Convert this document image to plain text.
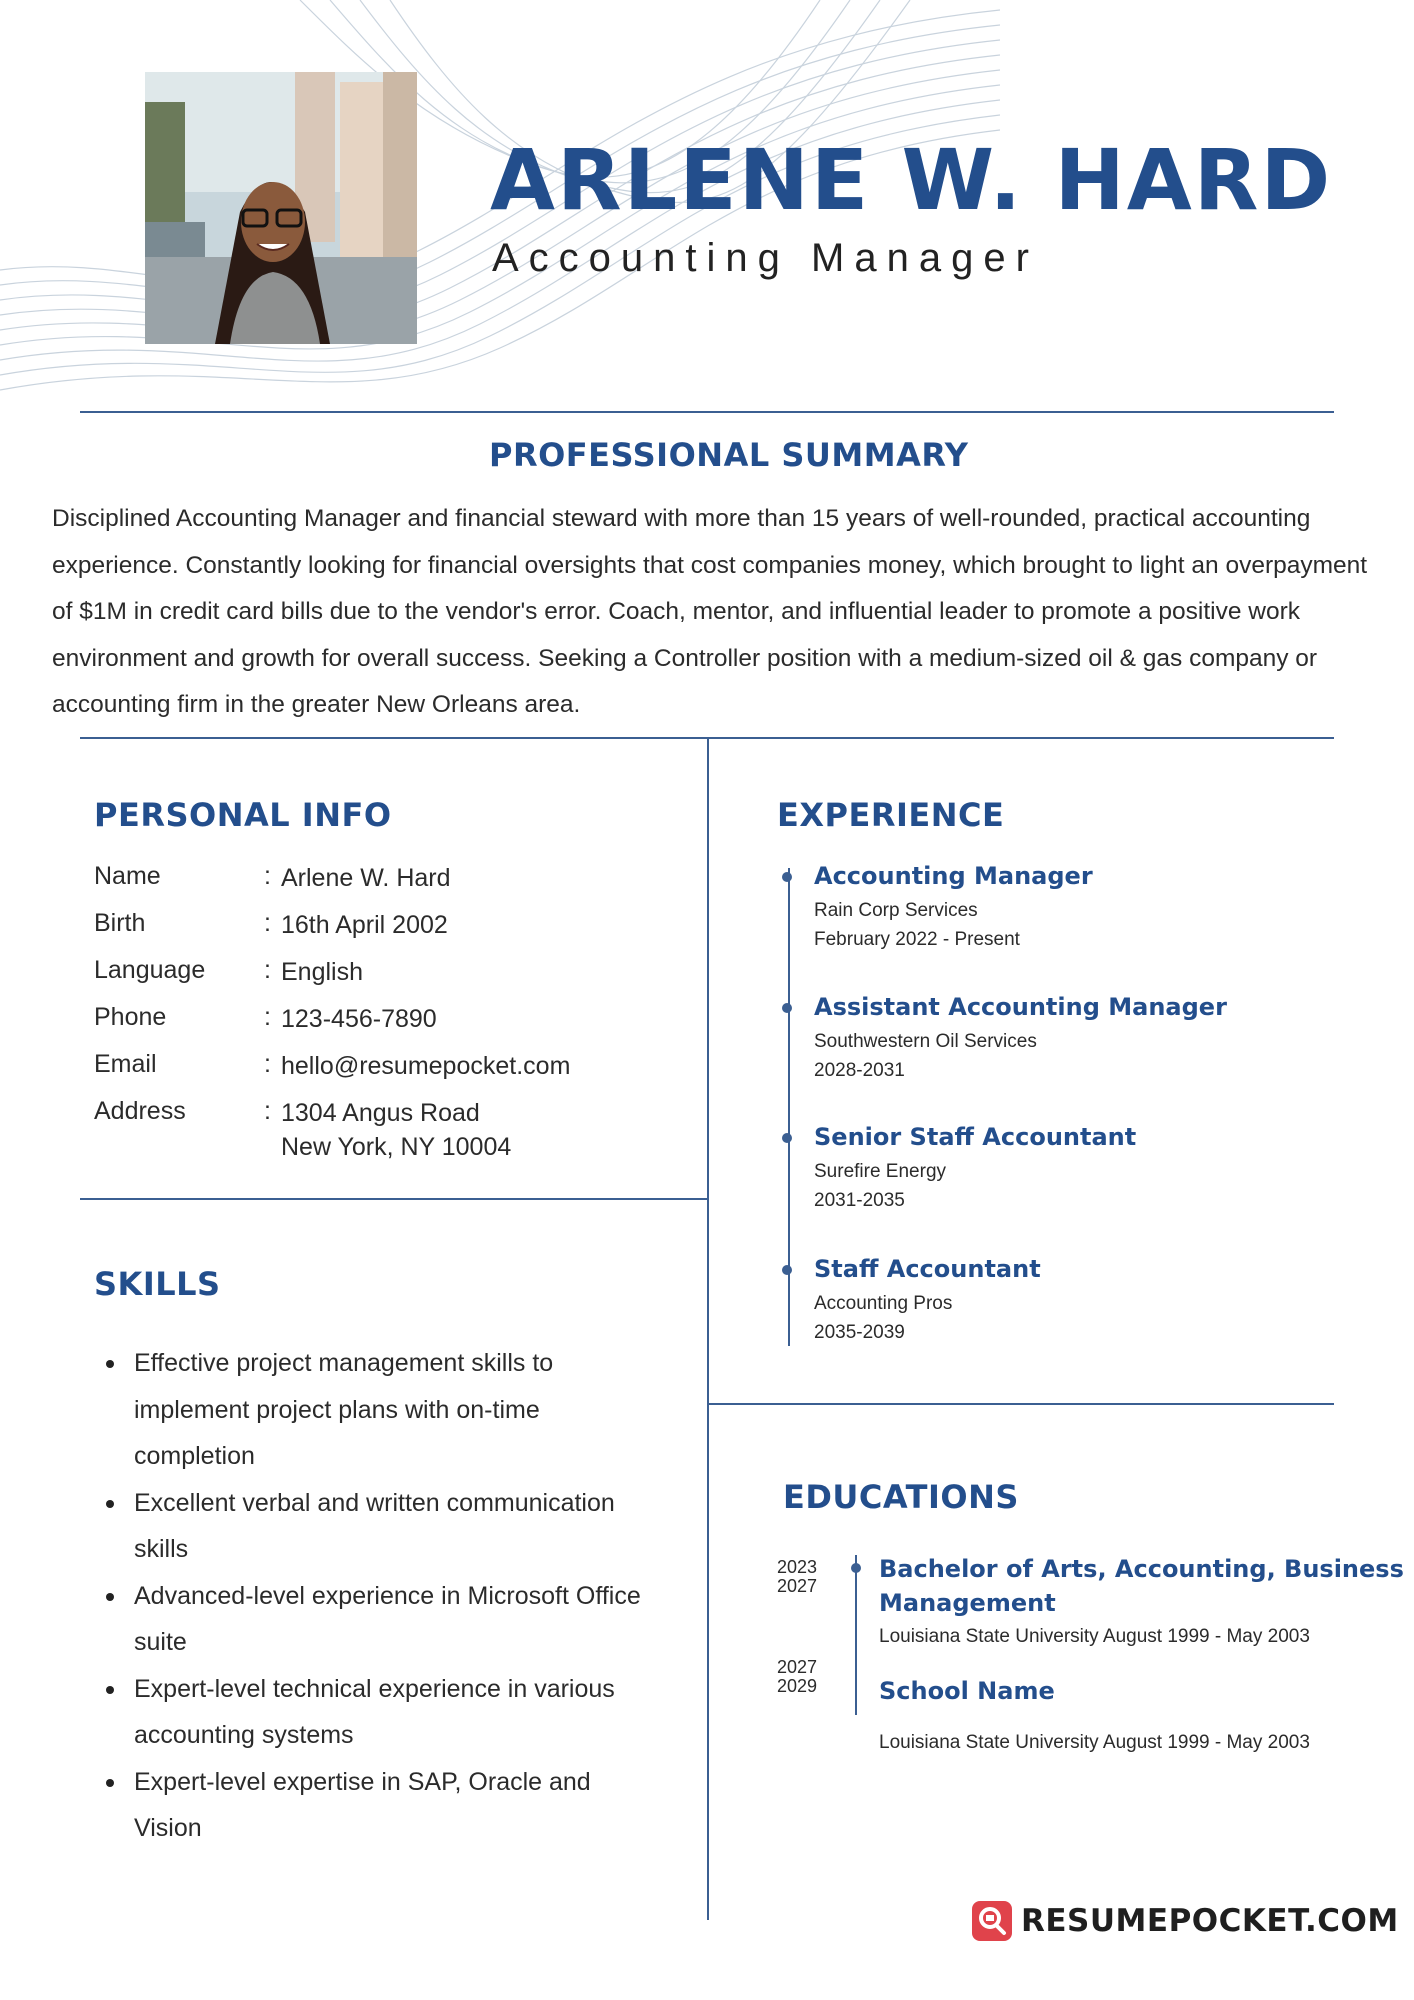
ARLENE W. HARD
Accounting Manager
PROFESSIONAL SUMMARY
Disciplined Accounting Manager and financial steward with more than 15 years of well-rounded, practical accounting experience. Constantly looking for financial oversights that cost companies money, which brought to light an overpayment of $1M in credit card bills due to the vendor's error. Coach, mentor, and influential leader to promote a positive work environment and growth for overall success. Seeking a Controller position with a medium-sized oil & gas company or accounting firm in the greater New Orleans area.
PERSONAL INFO
Name	: Arlene W. Hard
Birth	: 16th April 2002
Language : English
Phone	: 123-456-7890
Email	: hello@resumepocket.com
Address	: 1304 Angus Road
New York, NY 10004
SKILLS
Effective project management skills to implement project plans with on-time completion
Excellent verbal and written communication skills
Advanced-level experience in Microsoft Office suite
Expert-level technical experience in various accounting systems
Expert-level expertise in SAP, Oracle and Vision
EXPERIENCE
Accounting Manager
Rain Corp Services
February 2022 - Present
Assistant Accounting Manager
Southwestern Oil Services
2028-2031
Senior Staff Accountant
Surefire Energy
2031-2035
Staff Accountant
Accounting Pros
2035-2039
EDUCATIONS
2023
2027
Bachelor of Arts, Accounting, Business
Management
Louisiana State University August 1999 - May 2003
2027
2029	School Name
Louisiana State University August 1999 - May 2003
RESUMEPOCKET.COM
